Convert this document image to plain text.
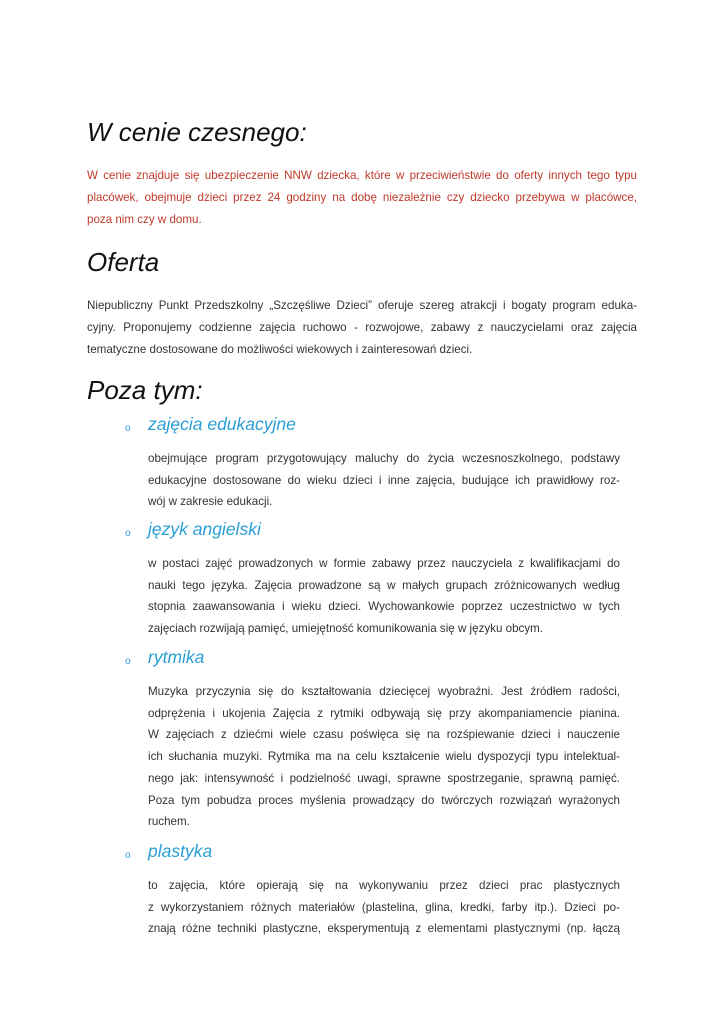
W cenie czesnego:

W cenie znajduje się ubezpieczenie NNW dziecka, które w przeciwieństwie do oferty innych tego typu
placówek, obejmuje dzieci przez 24 godziny na dobę niezależnie czy dziecko przebywa w placówce,
poza nim czy w domu.

Oferta

Niepubliczny Punkt Przedszkolny „Szczęśliwe Dzieci” oferuje szereg atrakcji i bogaty program eduka-
cyjny. Proponujemy codzienne zajęcia ruchowo - rozwojowe, zabawy z nauczycielami oraz zajęcia
tematyczne dostosowane do możliwości wiekowych i zainteresowań dzieci.

Poza tym:
o zajęcia edukacyjne

obejmujące program przygotowujący maluchy do życia wczesnoszkolnego, podstawy
edukacyjne dostosowane do wieku dzieci i inne zajęcia, budujące ich prawidłowy roz-
wój w zakresie edukacji.

o język angielski

w postaci zajęć prowadzonych w formie zabawy przez nauczyciela z kwalifikacjami do
nauki tego języka. Zajęcia prowadzone są w małych grupach zróżnicowanych według
stopnia zaawansowania i wieku dzieci. Wychowankowie poprzez uczestnictwo w tych
zajęciach rozwijają pamięć, umiejętność komunikowania się w języku obcym.

o rytmika

Muzyka przyczynia się do kształtowania dziecięcej wyobraźni. Jest źródłem radości,
odprężenia i ukojenia Zajęcia z rytmiki odbywają się przy akompaniamencie pianina.
W zajęciach z dziećmi wiele czasu poświęca się na rozśpiewanie dzieci i nauczenie
ich słuchania muzyki. Rytmika ma na celu kształcenie wielu dyspozycji typu intelektual-
nego jak: intensywność i podzielność uwagi, sprawne spostrzeganie, sprawną pamięć.
Poza tym pobudza proces myślenia prowadzący do twórczych rozwiązań wyrażonych
ruchem.

o plastyka

to zajęcia, które opierają się na wykonywaniu przez dzieci prac plastycznych
z wykorzystaniem różnych materiałów (plastelina, glina, kredki, farby itp.). Dzieci po-
znają różne techniki plastyczne, eksperymentują z elementami plastycznymi (np. łączą
